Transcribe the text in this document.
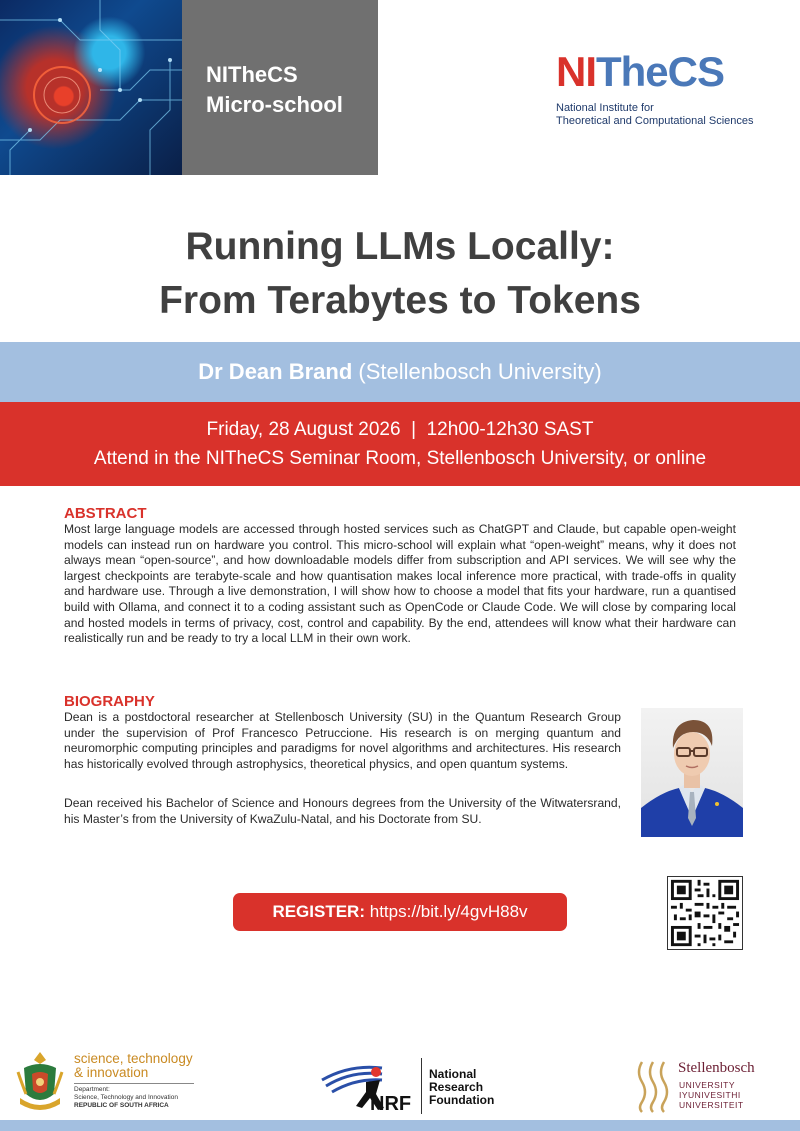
NITheCS
Micro-school
NITheCS
National Institute for
Theoretical and Computational Sciences
Running LLMs Locally:
From Terabytes to Tokens
Dr Dean Brand (Stellenbosch University)
Friday, 28 August 2026  |  12h00-12h30 SAST
Attend in the NITheCS Seminar Room, Stellenbosch University, or online
ABSTRACT
Most large language models are accessed through hosted services such as ChatGPT and Claude, but capable open-weight models can instead run on hardware you control. This micro-school will explain what “open-weight” means, why it does not always mean “open-source”, and how downloadable models differ from subscription and API services. We will see why the largest checkpoints are terabyte-scale and how quantisation makes local inference more practical, with trade-offs in quality and hardware use. Through a live demonstration, I will show how to choose a model that fits your hardware, run a quantised build with Ollama, and connect it to a coding assistant such as OpenCode or Claude Code. We will close by comparing local and hosted models in terms of privacy, cost, control and capability. By the end, attendees will know what their hardware can realistically run and be ready to try a local LLM in their own work.
BIOGRAPHY
Dean is a postdoctoral researcher at Stellenbosch University (SU) in the Quantum Research Group under the supervision of Prof Francesco Petruccione. His research is on merging quantum and neuromorphic computing principles and paradigms for novel algorithms and architectures. His research has historically evolved through astrophysics, theoretical physics, and open quantum systems.
Dean received his Bachelor of Science and Honours degrees from the University of the Witwatersrand, his Master’s from the University of KwaZulu-Natal, and his Doctorate from SU.
REGISTER: https://bit.ly/4gvH88v
science, technology
& innovation
Department:
Science, Technology and Innovation
REPUBLIC OF SOUTH AFRICA	NRF
National
Research
Foundation
Stellenbosch
UNIVERSITY
IYUNIVESITHI
UNIVERSITEIT
